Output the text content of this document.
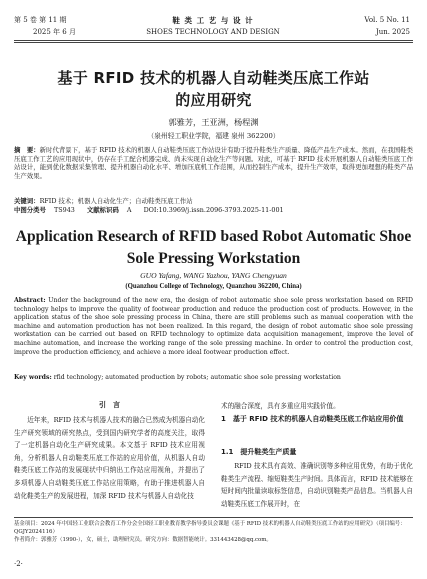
第 5 卷 第 11 期
2025 年 6 月
鞋 类 工 艺 与 设 计
SHOES TECHNOLOGY AND DESIGN
Vol. 5 No. 11
Jun. 2025
基于 RFID 技术的机器人自动鞋类压底工作站
的应用研究
郭雅芳，王亚洲，杨程渊
（泉州轻工职业学院，福建 泉州 362200）
摘　要：新时代背景下，基于 RFID 技术的机器人自动鞋类压底工作站设计有助于提升鞋类生产质量、降低产品生产成本。然而，在我国鞋类压底工作工艺的应用现状中，仍存在手工配合机器完成、尚未实现自动化生产等问题。对此，可基于 RFID 技术开展机器人自动鞋类压底工作站设计，能到优化数据采集管理、提升机器自动化水平、增加压底机工作范围，从而控制生产成本，提升生产效率，取得更加理想的鞋类产品生产效果。
关键词：RFID 技术；机器人自动化生产；自动鞋类压底工作站
中图分类号 TS943 文献标识码 A DOI:10.3969/j.issn.2096-3793.2025-11-001
Application Research of RFID based Robot Automatic Shoe
Sole Pressing Workstation
GUO Yafang, WANG Yazhou, YANG Chengyuan
(Quanzhou College of Technology, Quanzhou 362200, China)
Abstract: Under the background of the new era, the design of robot automatic shoe sole press workstation based on RFID technology helps to improve the quality of footwear production and reduce the production cost of products. However, in the application status of the shoe sole pressing process in China, there are still problems such as manual cooperation with the machine and automation production has not been realized. In this regard, the design of robot automatic shoe sole pressing workstation can be carried out based on RFID technology to optimize data acquisition management, improve the level of machine automation, and increase the working range of the sole pressing machine. In order to control the production cost, improve the production efficiency, and achieve a more ideal footwear production effect.
Key words: rfid technology; automated production by robots; automatic shoe sole pressing workstation
引　言
近年来，RFID 技术与机器人技术的融合已然成为机器自动化生产研究领域的研究热点，受到国内研究学者的高度关注，取得了一定机器自动化生产研究成果。本文基于 RFID 技术应用视角，分析机器人自动鞋类压底工作站的应用价值，从机器人自动鞋类压底工作站的发展现状中归纳出工作站应用视角，并提出了多项机器人自动鞋类压底工作站应用策略，有助于推进机器人自动化鞋类生产的发展进程，加深 RFID 技术与机器人自动化技
术的融合深度，具有多重应用实践价值。
1　基于 RFID 技术的机器人自动鞋类压底工作站应用价值
1.1　提升鞋类生产质量
RFID 技术具有高效、准确识别等多种应用优势，有助于优化鞋类生产流程、缩短鞋类生产时间。具体而言，RFID 技术能够在短时间内批量读取标签信息，自动识别鞋类产品信息。当机器人自动鞋类压底工作展开时，在
基金项目：2024 年中国轻工业联合会教育工作分会全国轻工职业教育教学指导委员会课题《基于 RFID 技术的机器人自动鞋类压底工作站的应用研究》（项目编号：QGJY2024116）
作者简介：郭雅芳（1990-），女，硕士，助理研究员。研究方向：数据智能统计。331443428@qq.com。
·2·
